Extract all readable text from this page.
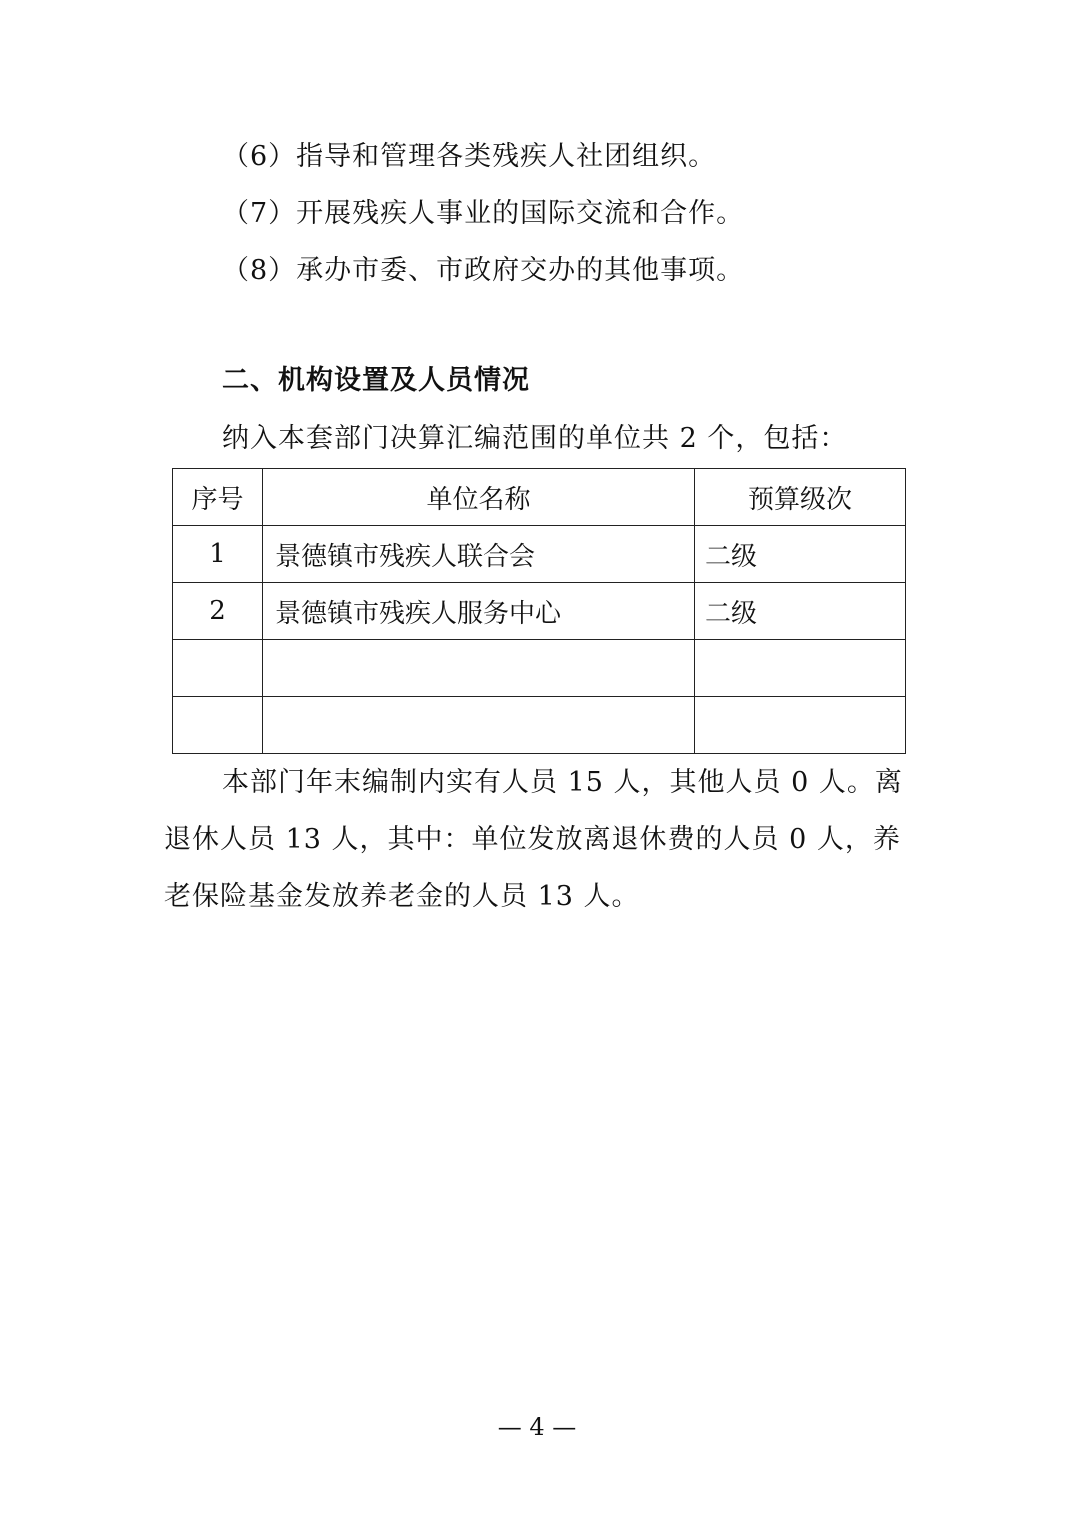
（6）指导和管理各类残疾人社团组织。
（7）开展残疾人事业的国际交流和合作。
（8）承办市委、市政府交办的其他事项。
二、机构设置及人员情况
纳入本套部门决算汇编范围的单位共 2 个，包括：
序号	单位名称	预算级次
1	景德镇市残疾人联合会	二级
2	景德镇市残疾人服务中心	二级

本部门年末编制内实有人员 15 人，其他人员 0 人。离
退休人员 13 人，其中：单位发放离退休费的人员 0 人，养
老保险基金发放养老金的人员 13 人。
— 4 —
